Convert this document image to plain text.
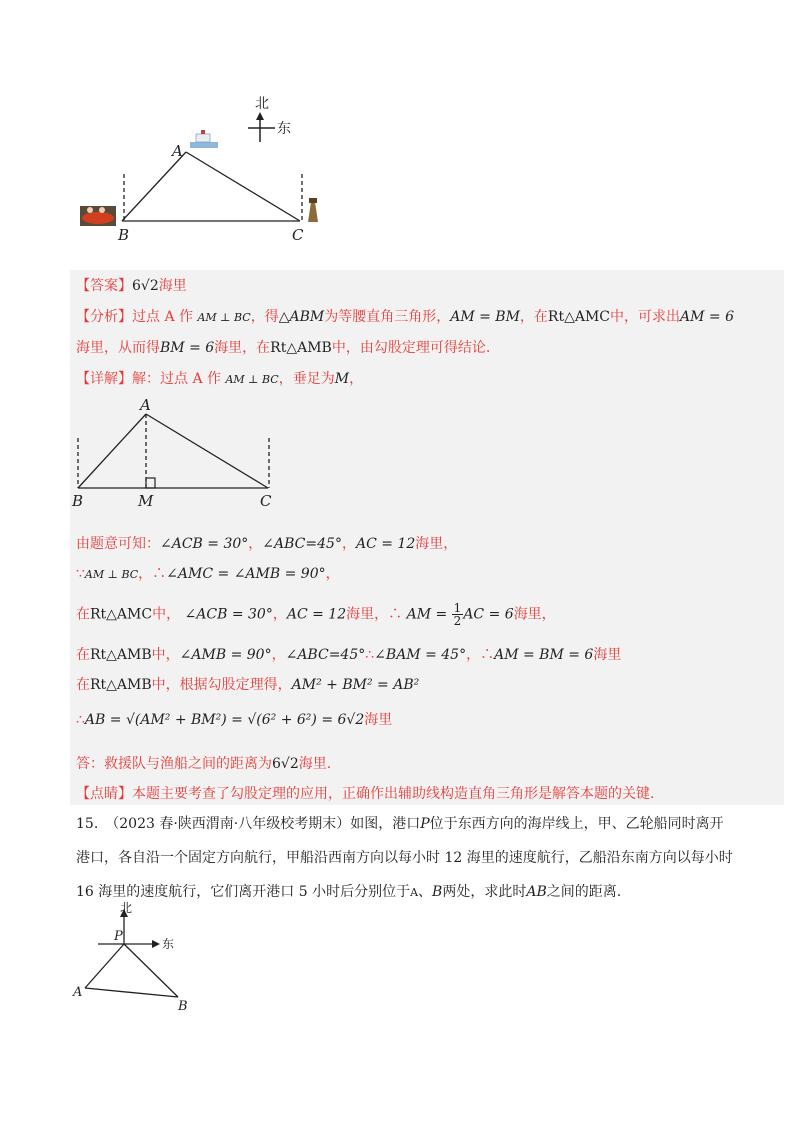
北
东
A
B	C
【答案】6√2海里
【分析】过点 A 作 AM ⊥ BC，得△ABM为等腰直角三角形，AM = BM，在Rt△AMC中，可求出AM = 6
海里，从而得BM = 6海里，在Rt△AMB中，由勾股定理可得结论.
【详解】解：过点 A 作 AM ⊥ BC，垂足为M，
A
B	M	C
由题意可知：∠ACB = 30°，∠ABC=45°，AC = 12海里，
∵AM ⊥ BC，∴∠AMC = ∠AMB = 90°，
在Rt△AMC中， ∠ACB = 30°，AC = 12海里，∴ AM = $\frac{1}{2}$ AC = 6海里，
在Rt△AMB中，∠AMB = 90°，∠ABC=45°∴∠BAM = 45°，∴AM = BM = 6海里
在Rt△AMB中，根据勾股定理得，AM² + BM² = AB²
∴AB = √(AM² + BM²) = √(6² + 6²) = 6√2海里
答：救援队与渔船之间的距离为6√2海里.
【点睛】本题主要考查了勾股定理的应用，正确作出辅助线构造直角三角形是解答本题的关键.
15.　（2023 春·陕西渭南·八年级校考期末）如图，港口P位于东西方向的海岸线上，甲、乙轮船同时离开
港口，各自沿一个固定方向航行，甲船沿西南方向以每小时 12 海里的速度航行，乙船沿东南方向以每小时
16 海里的速度航行，它们离开港口 5 小时后分别位于A、B两处，求此时AB之间的距离.
北
东
P
A
B
